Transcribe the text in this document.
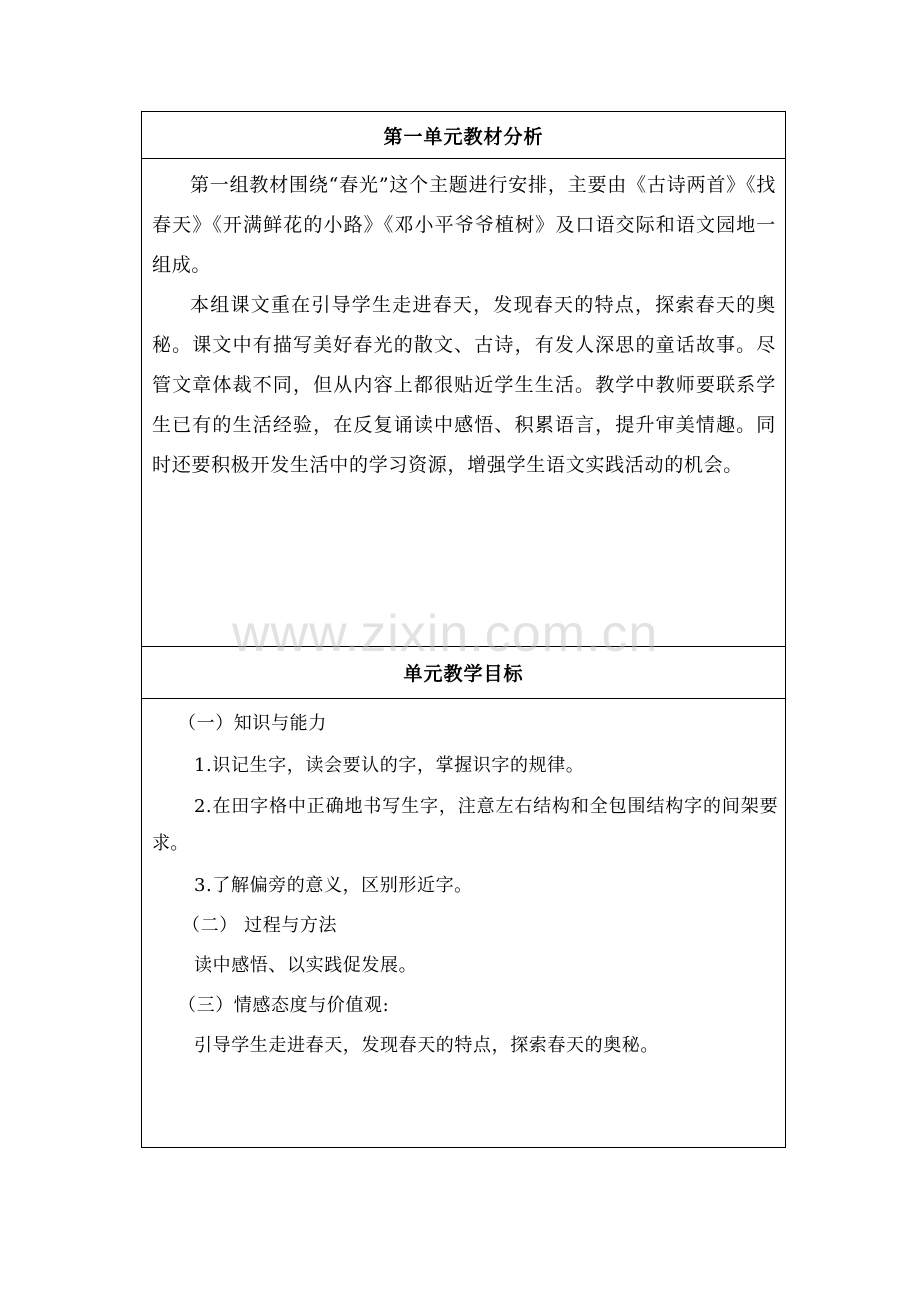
第一单元教材分析

第一组教材围绕“春光”这个主题进行安排，主要由《古诗两首》《找春天》《开满鲜花的小路》《邓小平爷爷植树》及口语交际和语文园地一组成。

本组课文重在引导学生走进春天，发现春天的特点，探索春天的奥秘。课文中有描写美好春光的散文、古诗，有发人深思的童话故事。尽管文章体裁不同，但从内容上都很贴近学生生活。教学中教师要联系学生已有的生活经验，在反复诵读中感悟、积累语言，提升审美情趣。同时还要积极开发生活中的学习资源，增强学生语文实践活动的机会。

单元教学目标

（一）知识与能力

1.识记生字，读会要认的字，掌握识字的规律。

2.在田字格中正确地书写生字，注意左右结构和全包围结构字的间架要求。

3.了解偏旁的意义，区别形近字。

（二） 过程与方法

读中感悟、以实践促发展。

（三）情感态度与价值观:

引导学生走进春天，发现春天的特点，探索春天的奥秘。

www.zixin.com.cn
